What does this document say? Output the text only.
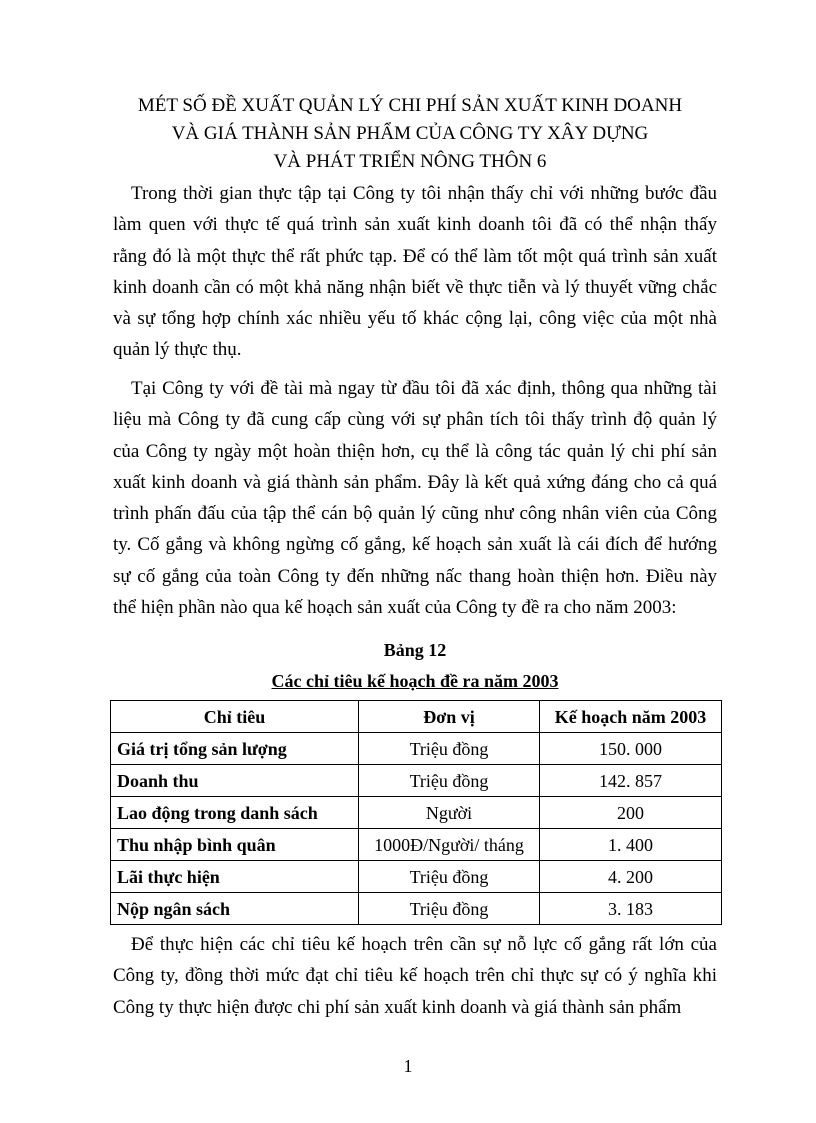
MÉT SỐ ĐỀ XUẤT QUẢN LÝ CHI PHÍ SẢN XUẤT KINH DOANH
VÀ GIÁ THÀNH SẢN PHẨM CỦA CÔNG TY XÂY DỰNG
VÀ PHÁT TRIỂN NÔNG THÔN 6

Trong thời gian thực tập tại Công ty tôi nhận thấy chỉ với những bước đầu
làm quen với thực tế quá trình sản xuất kinh doanh tôi đã có thể nhận thấy
rằng đó là một thực thể rất phức tạp. Để có thể làm tốt một quá trình sản xuất
kinh doanh cần có một khả năng nhận biết về thực tiễn và lý thuyết vững chắc
và sự tổng hợp chính xác nhiều yếu tố khác cộng lại, công việc của một nhà
quản lý thực thụ.

Tại Công ty với đề tài mà ngay từ đầu tôi đã xác định, thông qua những tài
liệu mà Công ty đã cung cấp cùng với sự phân tích tôi thấy trình độ quản lý
của Công ty ngày một hoàn thiện hơn, cụ thể là công tác quản lý chi phí sản
xuất kinh doanh và giá thành sản phẩm. Đây là kết quả xứng đáng cho cả quá
trình phấn đấu của tập thể cán bộ quản lý cũng như công nhân viên của Công
ty. Cố gắng và không ngừng cố gắng, kế hoạch sản xuất là cái đích để hướng
sự cố gắng của toàn Công ty đến những nấc thang hoàn thiện hơn. Điều này
thể hiện phần nào qua kế hoạch sản xuất của Công ty đề ra cho năm 2003:

Bảng 12
Các chỉ tiêu kế hoạch đề ra năm 2003
Chỉ tiêu	Đơn vị	Kế hoạch năm 2003
Giá trị tổng sản lượng	Triệu đồng	150. 000
Doanh thu	Triệu đồng	142. 857
Lao động trong danh sách	Người	200
Thu nhập bình quân	1000Đ/Người/ tháng	1. 400
Lãi thực hiện	Triệu đồng	4. 200
Nộp ngân sách	Triệu đồng	3. 183

Để thực hiện các chỉ tiêu kế hoạch trên cần sự nỗ lực cố gắng rất lớn của
Công ty, đồng thời mức đạt chỉ tiêu kế hoạch trên chỉ thực sự có ý nghĩa khi
Công ty thực hiện được chi phí sản xuất kinh doanh và giá thành sản phẩm

1
